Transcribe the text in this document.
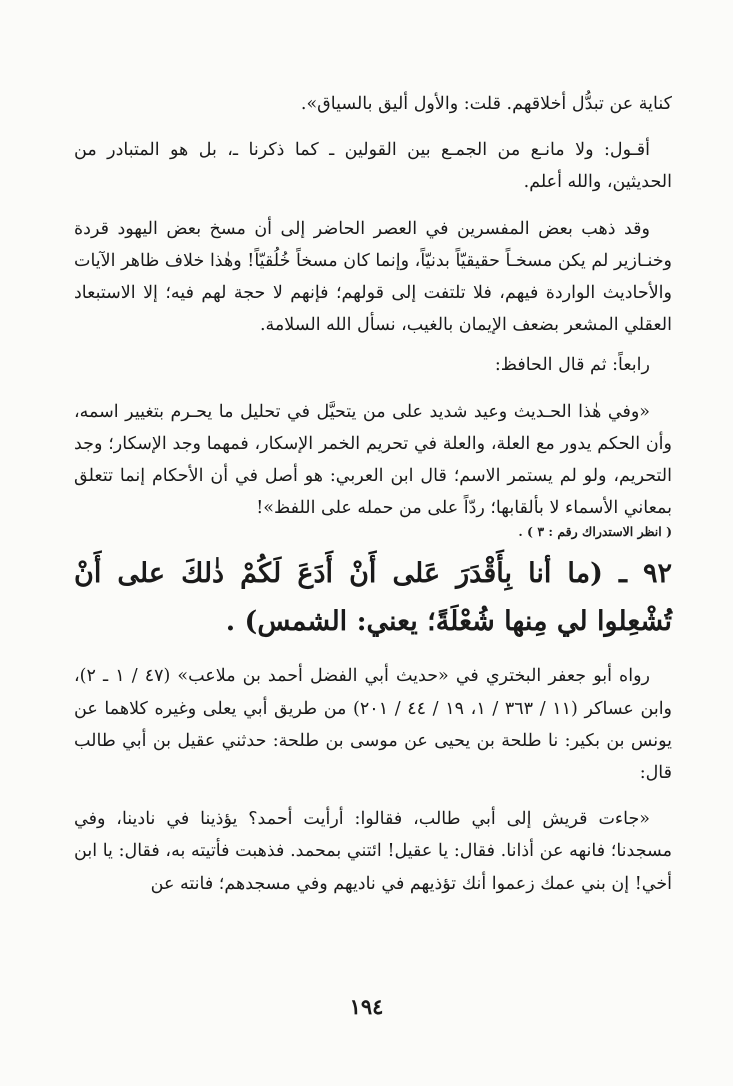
كناية عن تبدُّل أخلاقهم. قلت: والأول أليق بالسياق».

أقـول: ولا مانـع من الجمـع بين القولين ـ كما ذكرنا ـ، بل هو المتبادر من الحديثين، والله أعلم.

وقد ذهب بعض المفسرين في العصر الحاضر إلى أن مسخ بعض اليهود قردة وخنـازير لم يكن مسخـاً حقيقيّاً بدنيّاً، وإنما كان مسخاً خُلُقيّاً! وهٰذا خلاف ظاهر الآيات والأحاديث الواردة فيهم، فلا تلتفت إلى قولهم؛ فإنهم لا حجة لهم فيه؛ إلا الاستبعاد العقلي المشعر بضعف الإيمان بالغيب، نسأل الله السلامة.

رابعاً: ثم قال الحافظ:

«وفي هٰذا الحـديث وعيد شديد على من يتحيَّل في تحليل ما يحـرم بتغيير اسمه، وأن الحكم يدور مع العلة، والعلة في تحريم الخمر الإسكار، فمهما وجد الإسكار؛ وجد التحريم، ولو لم يستمر الاسم؛ قال ابن العربي: هو أصل في أن الأحكام إنما تتعلق بمعاني الأسماء لا بألقابها؛ ردّاً على من حمله على اللفظ»!

( انظر الاستدراك رقم : ٣ ) .

٩٢ ـ (ما أنا بِأَقْدَرَ عَلى أَنْ أَدَعَ لَكُمْ ذٰلكَ على أَنْ تُشْعِلوا لي مِنها شُعْلَةً؛ يعني: الشمس) .

رواه أبو جعفر البختري في «حديث أبي الفضل أحمد بن ملاعب» (٤٧ / ١ ـ ٢)، وابن عساكر (١١ / ٣٦٣ / ١، ١٩ / ٤٤ / ٢٠١) من طريق أبي يعلى وغيره كلاهما عن يونس بن بكير: نا طلحة بن يحيى عن موسى بن طلحة: حدثني عقيل بن أبي طالب قال:

«جاءت قريش إلى أبي طالب، فقالوا: أرأيت أحمد؟ يؤذينا في نادينا، وفي مسجدنا؛ فانهه عن أذانا. فقال: يا عقيل! ائتني بمحمد. فذهبت فأتيته به، فقال: يا ابن أخي! إن بني عمك زعموا أنك تؤذيهم في ناديهم وفي مسجدهم؛ فانته عن

١٩٤
